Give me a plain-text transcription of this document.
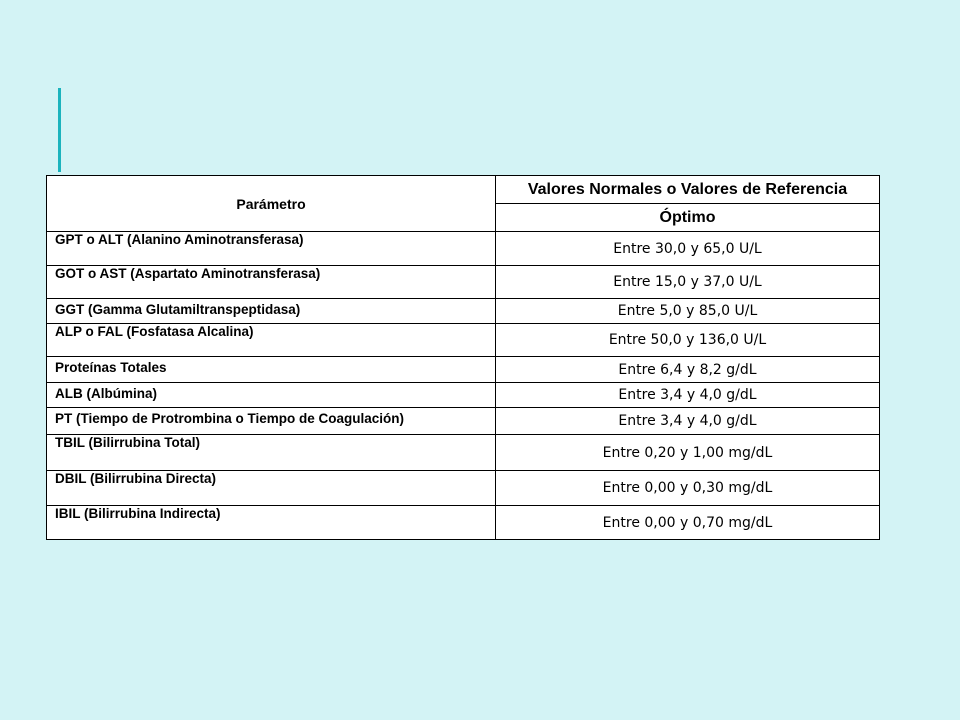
Parámetro	Valores Normales o Valores de Referencia
	Óptimo
GPT o ALT (Alanino Aminotransferasa)	Entre 30,0 y 65,0 U/L
GOT o AST (Aspartato Aminotransferasa)	Entre 15,0 y 37,0 U/L
GGT (Gamma Glutamiltranspeptidasa)	Entre 5,0 y 85,0 U/L
ALP o FAL (Fosfatasa Alcalina)	Entre 50,0 y 136,0 U/L
Proteínas Totales	Entre 6,4 y 8,2 g/dL
ALB (Albúmina)	Entre 3,4 y 4,0 g/dL
PT (Tiempo de Protrombina o Tiempo de Coagulación)	Entre 3,4 y 4,0 g/dL
TBIL (Bilirrubina Total)	Entre 0,20 y 1,00 mg/dL
DBIL (Bilirrubina Directa)	Entre 0,00 y 0,30 mg/dL
IBIL (Bilirrubina Indirecta)	Entre 0,00 y 0,70 mg/dL
